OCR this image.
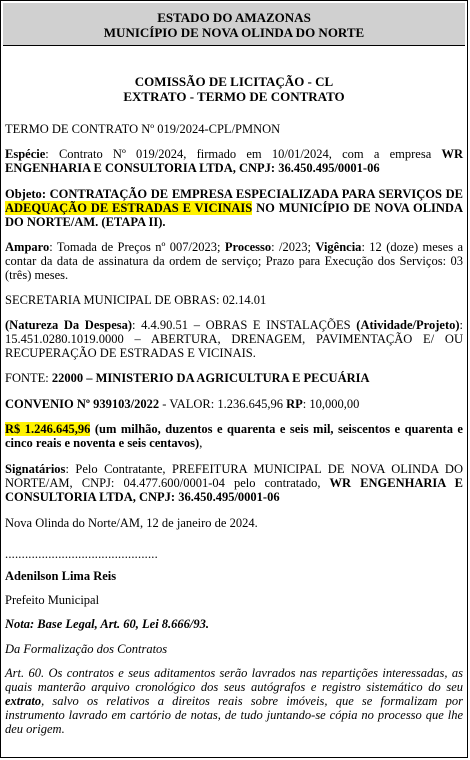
ESTADO DO AMAZONAS
MUNICÍPIO DE NOVA OLINDA DO NORTE
COMISSÃO DE LICITAÇÃO - CL
EXTRATO - TERMO DE CONTRATO

TERMO DE CONTRATO Nº 019/2024-CPL/PMNON

Espécie: Contrato Nº 019/2024, firmado em 10/01/2024, com a empresa WR ENGENHARIA E CONSULTORIA LTDA, CNPJ: 36.450.495/0001-06

Objeto: CONTRATAÇÃO DE EMPRESA ESPECIALIZADA PARA SERVIÇOS DE ADEQUAÇÃO DE ESTRADAS E VICINAIS NO MUNICÍPIO DE NOVA OLINDA DO NORTE/AM. (ETAPA II).

Amparo: Tomada de Preços nº 007/2023; Processo: /2023; Vigência: 12 (doze) meses a contar da data de assinatura da ordem de serviço; Prazo para Execução dos Serviços: 03 (três) meses.

SECRETARIA MUNICIPAL DE OBRAS: 02.14.01

(Natureza Da Despesa): 4.4.90.51 – OBRAS E INSTALAÇÕES (Atividade/Projeto): 15.451.0280.1019.0000 – ABERTURA, DRENAGEM, PAVIMENTAÇÃO E/ OU RECUPERAÇÃO DE ESTRADAS E VICINAIS.

FONTE: 22000 – MINISTERIO DA AGRICULTURA E PECUÁRIA

CONVENIO Nº 939103/2022 - VALOR: 1.236.645,96 RP: 10,000,00

R$ 1.246.645,96 (um milhão, duzentos e quarenta e seis mil, seiscentos e quarenta e cinco reais e noventa e seis centavos),

Signatários: Pelo Contratante, PREFEITURA MUNICIPAL DE NOVA OLINDA DO NORTE/AM, CNPJ: 04.477.600/0001-04 pelo contratado, WR ENGENHARIA E CONSULTORIA LTDA, CNPJ: 36.450.495/0001-06

Nova Olinda do Norte/AM, 12 de janeiro de 2024.

..............................................

Adenilson Lima Reis

Prefeito Municipal

Nota: Base Legal, Art. 60, Lei 8.666/93.

Da Formalização dos Contratos

Art. 60. Os contratos e seus aditamentos serão lavrados nas repartições interessadas, as quais manterão arquivo cronológico dos seus autógrafos e registro sistemático do seu extrato, salvo os relativos a direitos reais sobre imóveis, que se formalizam por instrumento lavrado em cartório de notas, de tudo juntando-se cópia no processo que lhe deu origem.
